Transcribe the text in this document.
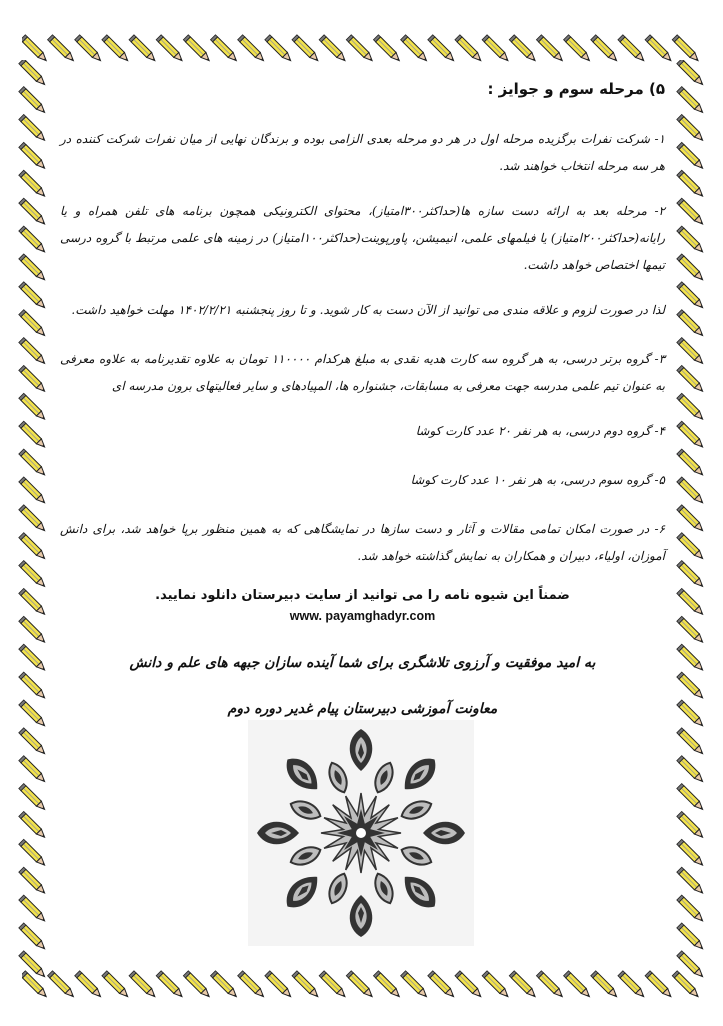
۵) مرحله سوم و جوایز :

۱- شرکت نفرات برگزیده مرحله اول در هر دو مرحله بعدی الزامی بوده و برندگان نهایی از میان نفرات شرکت کننده در هر سه مرحله انتخاب خواهند شد.

۲- مرحله بعد به ارائه دست سازه ها(حداکثر۳۰۰امتیاز)، محتوای الکترونیکی همچون برنامه های تلفن همراه و یا رایانه(حداکثر۲۰۰امتیاز) یا فیلمهای علمی، انیمیشن، پاورپوینت(حداکثر۱۰۰امتیاز) در زمینه های علمی مرتبط با گروه درسی تیمها اختصاص خواهد داشت.

لذا در صورت لزوم و علاقه مندی می توانید از الآن دست به کار شوید. و تا روز پنجشنبه ۱۴۰۲/۲/۲۱ مهلت خواهید داشت.

۳- گروه برتر درسی، به هر گروه سه کارت هدیه نقدی به مبلغ هرکدام ۱۱۰۰۰۰ تومان به علاوه تقدیرنامه به علاوه معرفی به عنوان تیم علمی مدرسه جهت معرفی به مسابقات، جشنواره ها، المپیادهای و سایر فعالیتهای برون مدرسه ای

۴- گروه دوم درسی، به هر نفر ۲۰ عدد کارت کوشا

۵- گروه سوم درسی، به هر نفر ۱۰ عدد کارت کوشا

۶- در صورت امکان تمامی مقالات و آثار و دست سازها در نمایشگاهی که به همین منظور برپا خواهد شد، برای دانش آموزان، اولیاء، دبیران و همکاران به نمایش گذاشته خواهد شد.

ضمناً این شیوه نامه را می توانید از سایت دبیرستان دانلود نمایید.
www. payamghadyr.com
به امید موفقیت و آرزوی تلاشگری برای شما آینده سازان جبهه های علم و دانش
معاونت آموزشی دبیرستان پیام غدیر دوره دوم
